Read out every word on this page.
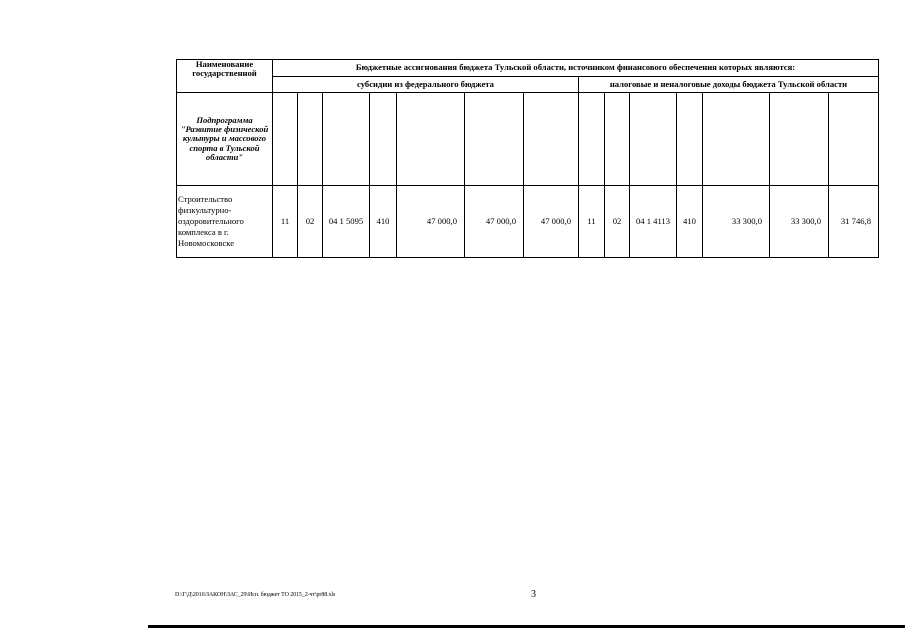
Наименование
государственной	Бюджетные ассигнования бюджета Тульской области, источником финансового обеспечения которых являются:													
	субсидии из федерального бюджета							налоговые и неналоговые доходы бюджета Тульской области						
Подпрограмма "Развитие физической культуры и массового спорта в Тульской области"														
Строительство физкультурно-оздоровительного комплекса в г. Новомосковске	11	02	04 1 5095	410	47 000,0	47 000,0	47 000,0	11	02	04 1 4113	410	33 300,0	33 300,0	31 746,8
D:\Г\Д\2016\ЗАКОН\ЗАС_29\Исп. бюджет ТО 2015_2-чт\pr88.xls	3
